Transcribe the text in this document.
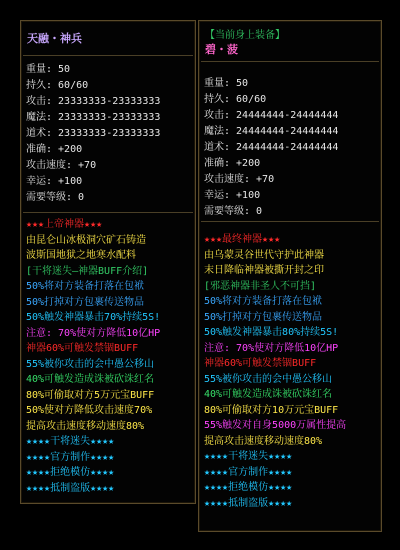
天融・神兵
重量: 50
持久: 60/60
攻击: 23333333-23333333
魔法: 23333333-23333333
道术: 23333333-23333333
准确: +200
攻击速度: +70
幸运: +100
需要等级: 0
★★★上帝神器★★★
由昆仑山冰极洞穴矿石铸造
波斯国地狱之地寒水配料
[干将迷失—神器BUFF介绍]
50%将对方装备打落在包袱
50%打掉对方包裹传送物品
50%触发神器暴击70%持续5S!
注意: 70%使对方降低10亿HP
神器60%可触发禁锢BUFF
55%被你攻击的会中愚公移山
40%可触发造成诛被砍诛红名
80%可偷取对方5万元宝BUFF
50%使对方降低攻击速度70%
提高攻击速度移动速度80%
★★★★干将迷失★★★★
★★★★官方制作★★★★
★★★★拒绝模仿★★★★
★★★★抵制盗版★★★★
【当前身上装备】
碧・菠
重量: 50
持久: 60/60
攻击: 24444444-24444444
魔法: 24444444-24444444
道术: 24444444-24444444
准确: +200
攻击速度: +70
幸运: +100
需要等级: 0
★★★最终神器★★★
由乌蒙灵谷世代守护此神器
末日降临神器被撕开封之印
[邪恶神器非圣人不可挡]
50%将对方装备打落在包袱
50%打掉对方包裹传送物品
50%触发神器暴击80%持续5S!
注意: 70%使对方降低10亿HP
神器60%可触发禁锢BUFF
55%被你攻击的会中愚公移山
40%可触发造成诛被砍诛红名
80%可偷取对方10万元宝BUFF
55%触发对自身5000万属性提高
提高攻击速度移动速度80%
★★★★干将迷失★★★★
★★★★官方制作★★★★
★★★★拒绝模仿★★★★
★★★★抵制盗版★★★★
